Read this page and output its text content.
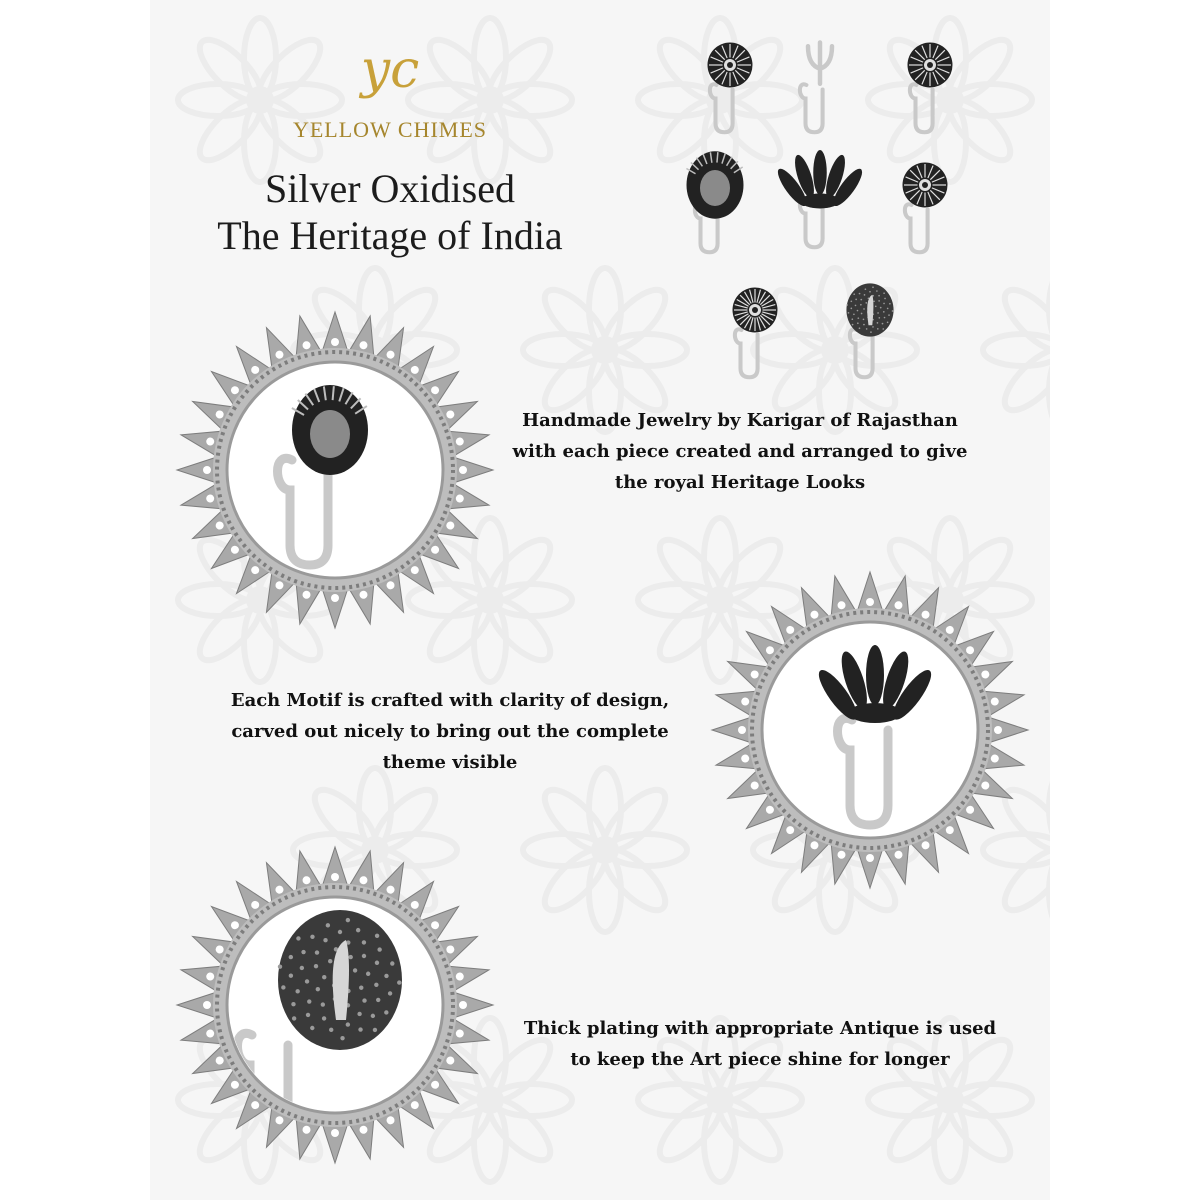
yc
YELLOW CHIMES
Silver Oxidised
The Heritage of India
Handmade Jewelry by Karigar of Rajasthan
with each piece created and arranged to give
the royal Heritage Looks
Each Motif is crafted with clarity of design,
carved out nicely to bring out the complete
theme visible
Thick plating with appropriate Antique is used
to keep the Art piece shine for longer
